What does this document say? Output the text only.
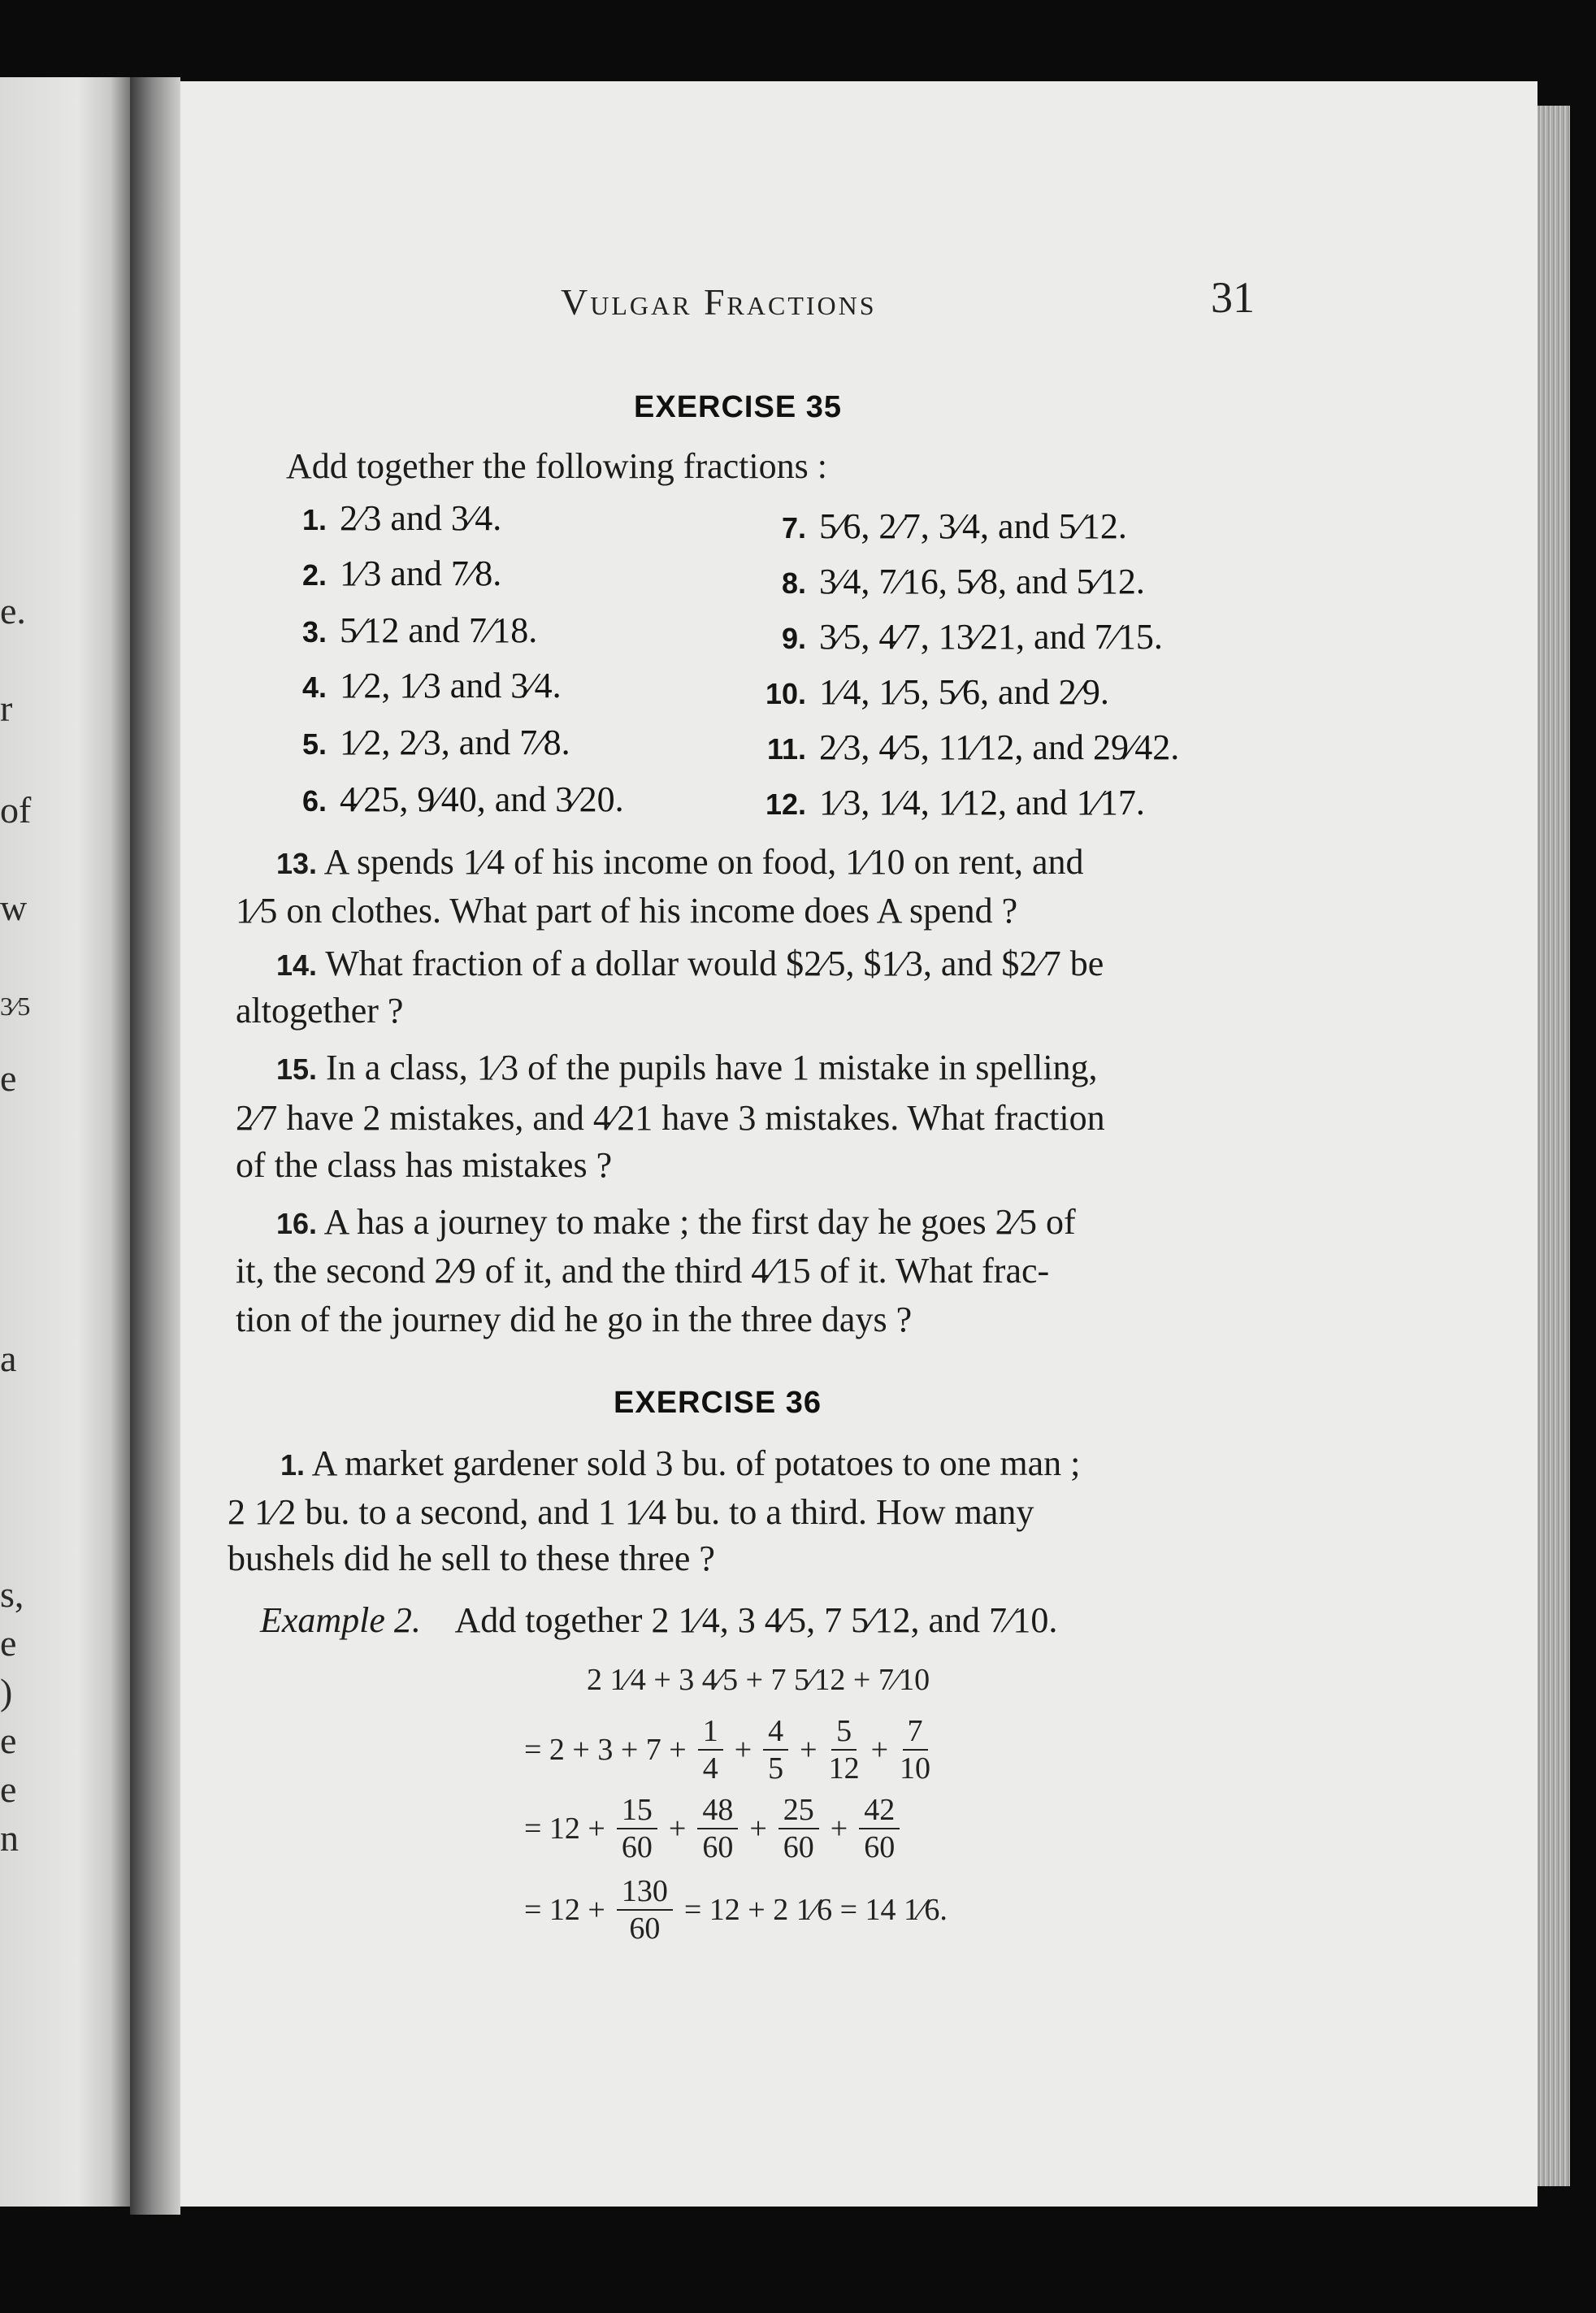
e.
r
of
w
3⁄5
e
a
s,
e
)
e
e
n
Vulgar Fractions	31
EXERCISE 35
Add together the following fractions :
1. 2⁄3 and 3⁄4.
2. 1⁄3 and 7⁄8.
3. 5⁄12 and 7⁄18.
4. 1⁄2, 1⁄3 and 3⁄4.
5. 1⁄2, 2⁄3, and 7⁄8.
6. 4⁄25, 9⁄40, and 3⁄20.
7. 5⁄6, 2⁄7, 3⁄4, and 5⁄12.
8. 3⁄4, 7⁄16, 5⁄8, and 5⁄12.
9. 3⁄5, 4⁄7, 13⁄21, and 7⁄15.
10. 1⁄4, 1⁄5, 5⁄6, and 2⁄9.
11. 2⁄3, 4⁄5, 11⁄12, and 29⁄42.
12. 1⁄3, 1⁄4, 1⁄12, and 1⁄17.
13. A spends 1⁄4 of his income on food, 1⁄10 on rent, and
1⁄5 on clothes. What part of his income does A spend ?
14. What fraction of a dollar would $2⁄5, $1⁄3, and $2⁄7 be
altogether ?
15. In a class, 1⁄3 of the pupils have 1 mistake in spelling,
2⁄7 have 2 mistakes, and 4⁄21 have 3 mistakes. What fraction
of the class has mistakes ?
16. A has a journey to make ; the first day he goes 2⁄5 of
it, the second 2⁄9 of it, and the third 4⁄15 of it. What frac-
tion of the journey did he go in the three days ?
EXERCISE 36
1. A market gardener sold 3 bu. of potatoes to one man ;
2 1⁄2 bu. to a second, and 1 1⁄4 bu. to a third. How many
bushels did he sell to these three ?
Example 2. Add together 2 1⁄4, 3 4⁄5, 7 5⁄12, and 7⁄10.
2 1⁄4 + 3 4⁄5 + 7 5⁄12 + 7⁄10
= $2 + 3 + 7 + \frac{1}{4} + \frac{4}{5} + \frac{5}{12} + \frac{7}{10}$
= $12 + \frac{15}{60} + \frac{48}{60} + \frac{25}{60} + \frac{42}{60}$
= $12 + \frac{130}{60} = 12 + 2$ 1⁄6 = 14 1⁄6.
